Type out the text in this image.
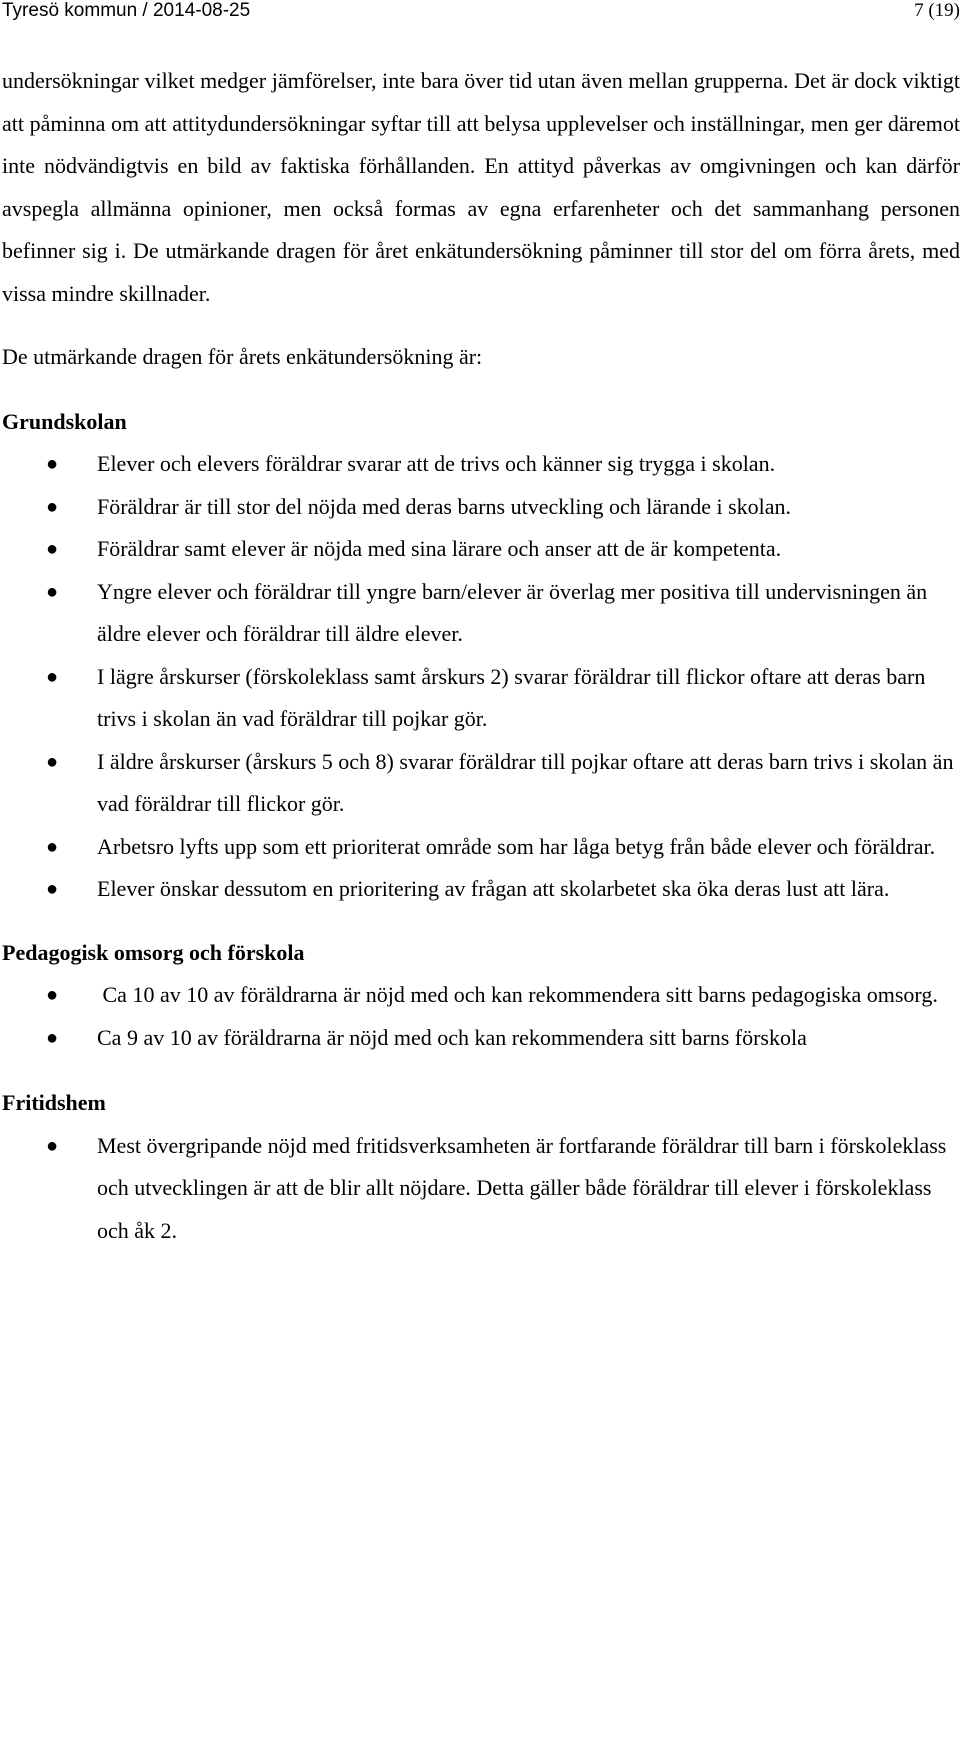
Tyresö kommun / 2014-08-25	7 (19)

undersökningar vilket medger jämförelser, inte bara över tid utan även mellan grupperna. Det är dock viktigt att påminna om att attitydundersökningar syftar till att belysa upplevelser och inställningar, men ger däremot inte nödvändigtvis en bild av faktiska förhållanden. En attityd påverkas av omgivningen och kan därför avspegla allmänna opinioner, men också formas av egna erfarenheter och det sammanhang personen befinner sig i. De utmärkande dragen för året enkätundersökning påminner till stor del om förra årets, med vissa mindre skillnader.

De utmärkande dragen för årets enkätundersökning är:

Grundskolan
● Elever och elevers föräldrar svarar att de trivs och känner sig trygga i skolan.
● Föräldrar är till stor del nöjda med deras barns utveckling och lärande i skolan.
● Föräldrar samt elever är nöjda med sina lärare och anser att de är kompetenta.
● Yngre elever och föräldrar till yngre barn/elever är överlag mer positiva till undervisningen än äldre elever och föräldrar till äldre elever.
● I lägre årskurser (förskoleklass samt årskurs 2) svarar föräldrar till flickor oftare att deras barn trivs i skolan än vad föräldrar till pojkar gör.
● I äldre årskurser (årskurs 5 och 8) svarar föräldrar till pojkar oftare att deras barn trivs i skolan än vad föräldrar till flickor gör.
● Arbetsro lyfts upp som ett prioriterat område som har låga betyg från både elever och föräldrar.
● Elever önskar dessutom en prioritering av frågan att skolarbetet ska öka deras lust att lära.
Pedagogisk omsorg och förskola
● Ca 10 av 10 av föräldrarna är nöjd med och kan rekommendera sitt barns pedagogiska omsorg.
● Ca 9 av 10 av föräldrarna är nöjd med och kan rekommendera sitt barns förskola
Fritidshem
● Mest övergripande nöjd med fritidsverksamheten är fortfarande föräldrar till barn i förskoleklass och utvecklingen är att de blir allt nöjdare. Detta gäller både föräldrar till elever i förskoleklass och åk 2.
